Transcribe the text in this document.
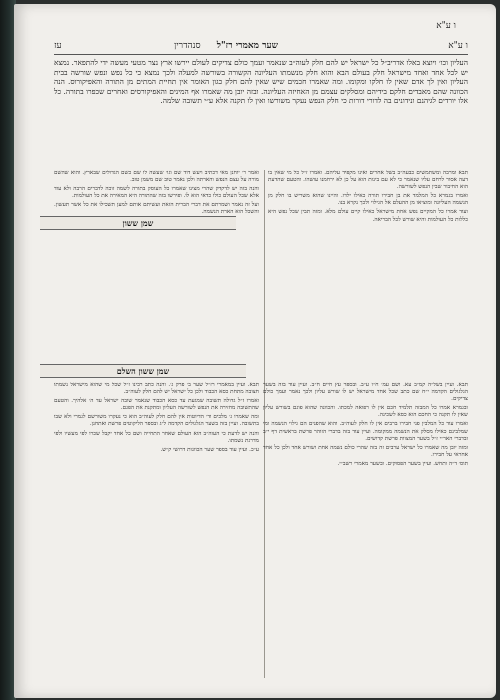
ו ע"א
ו ע"א
שער מאמרי רז"ל
סנהדרין
עז

העליון וכו׳ ויוצא באלו אדריב״ל כל ישראל יש להם חלק לעוה״ב שנאמר ועמך כולם צדיקים לעולם יירשו ארץ נצר מטעי מעשה ידי להתפאר. נמצא יש לכל אחד ואחד מישראל חלק בעולם הבא והוא חלק מנשמתו העליונה הקשורה בשורשה למעלה ולכך נמצא כי כל נפש ונפש שורשה בבית העליון ואין לך אדם שאין לו חלקו ומקומו. ומה שאמרו חכמים שיש שאין להם חלק כגון האומר אין תחיית המתים מן התורה והאפיקורוס. הנה הכוונה שהם מאבדים חלקם בידיהם ומסלקים עצמם מן האחיזה העליונה. ובזה יובן מה שאמרו אף המינים והאפיקורסים ואחרים שכפרו בתורה. כל אלו יורדים לגיהנם ונידונים בה לדורי דורות כי חלק הנפש נעקר משורשו ואין לו תקנה אלא ע״י תשובה שלמה.

תבא ומרבה ומשתמשים כבעה״ב בשל אחרים ואינו מקפיד עליהם. ואמרו ז״ל כל מי שאין בו דעה אסור לרחם עליו שנאמר כי לא עם בינות הוא על כן לא ירחמנו עושהו. והטעם שהדעת הוא החיבור שבין הנפש לשורשה.

ואמרו בגמרא כל המלמד את בן חבירו תורה כאילו ילדו. והיינו שהוא משריש בו חלק מן הנשמה העליונה ומוציאו מן ההעלם אל הגילוי ולכך נקרא בנו.

ועוד אמרו כל המקיים נפש אחת מישראל כאילו קיים עולם מלא. ומזה תבין שכל נפש היא כללות כל העולמות והיא שורש לכל הבריאה.

ואמר ר׳ יוחנן מאי דכתיב ויעש דוד שם וגו׳ שעשה לו שם כשם הגדולים שבארץ. והוא שהשם מורה על עצם הנפש והארתה ולכן נאמר טוב שם משמן טוב.

והנה בזה יש לדקדק שהרי מצינו שאמרו כל העוסק בתורה לשמה זוכה לדברים הרבה ולא עוד אלא שכל העולם כולו כדאי הוא לו. ופירשו בזה שהתורה היא המאירה את כל העולמות.

ועל זה נאמר ושמרתם את דברי הברית הזאת ועשיתם אותם למען תשכילו את כל אשר תעשון. והשכל הוא הארת הנשמה.

שמן ששון
שמן ששון השלם

תבא. ועיין בשל״ה קמ״ב עא. ושם עמ׳ ח״ו ע״ב. ובספר עץ חיים ח״ב. ועיין עוד בזה בשער הגלגולים הקדמה י״ח שם כתב שכל אחד מישראל יש לו שורש עליון ולכך נאמר ועמך כולם צדיקים.

ובגמרא אמרו כל המבזה תלמיד חכם אין לו רפואה למכתו. והכוונה שהוא פוגם בשורש עליון שאין לו תקנה כי החכם הוא כסא לשכינה.

ואמרו עוד כל המלבין פני חבירו ברבים אין לו חלק לעוה״ב. והוא שהפנים הם גילוי הנשמה ומי שמלבינם כאילו מסלק את הנשמה ממקומה. ועיין עוד בזה בדברי הזוהר פרשת בראשית דף י״ב ובדברי האר״י ז״ל בשער המצוות פרשת קדושים.

ומזה יובן מה שאמרו כל ישראל ערבים זה בזה שהרי כולם נשמה אחת ושורש אחד ולכן כל אחד אחראי על חבירו.

תוס׳ ד״ה ותחש. ועיין בשער הפסוקים. ובשער מאמרי רשב״י.

תבא. ועיין במאמרי רז״ל שער ב׳ פרק ג׳. והנה כתב רבינו ז״ל שכל מי שהוא מישראל נשמתו חצובה מתחת כסא הכבוד ולכן כל ישראל יש להם חלק לעוה״ב.

ואמרו ז״ל גדולה תשובה שמגעת עד כסא הכבוד שנאמר שובה ישראל עד ה׳ אלהיך. והטעם שהתשובה מחזירה את הנפש לשורשה העליון ומתקנת את הפגם.

ומה שאמרו ג׳ מלכים וד׳ הדיוטות אין להם חלק לעוה״ב הוא כי נעקרו משורשם לגמרי ולא שבו בתשובה. ועיין בזה בשער הגלגולים הקדמה ל״ג ובספר הליקוטים פרשת ואתחנן.

והנה יש לדעת כי העוה״ב הוא העולם שאחר התחייה ושם כל אחד יקבל שכרו לפי מעשיו ולפי מדרגת נשמתו.

ע״כ. ועיין עוד בספר שער הכוונות דרושי ק״ש.
